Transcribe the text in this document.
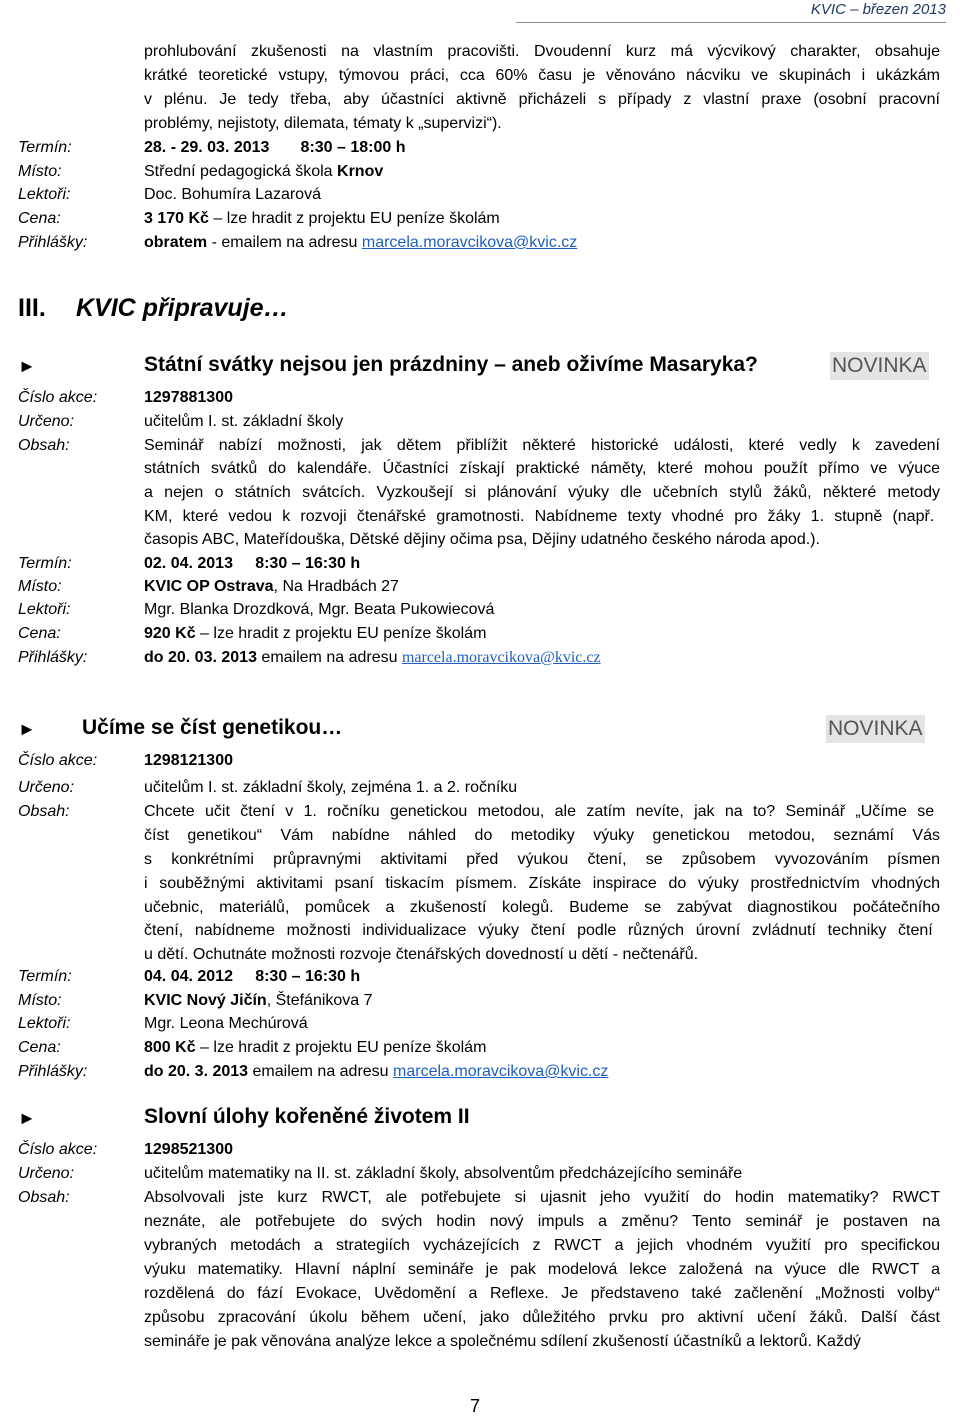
KVIC – březen 2013
prohlubování zkušenosti na vlastním pracovišti. Dvoudenní kurz má výcvikový charakter, obsahuje
krátké teoretické vstupy, týmovou práci, cca 60% času je věnováno nácviku ve skupinách i ukázkám
v plénu. Je tedy třeba, aby účastníci aktivně přicházeli s případy z vlastní praxe (osobní pracovní
problémy, nejistoty, dilemata, tématy k „supervizi“).
Termín:	28. - 29. 03. 2013       8:30 – 18:00 h
Místo:	Střední pedagogická škola Krnov
Lektoři:	Doc. Bohumíra Lazarová
Cena:	3 170 Kč – lze hradit z projektu EU peníze školám
Přihlášky:	obratem - emailem na adresu marcela.moravcikova@kvic.cz
III. KVIC připravuje…
►	Státní svátky nejsou jen prázdniny – aneb oživíme Masaryka?	NOVINKA
Číslo akce:	1297881300
Určeno:	učitelům I. st. základní školy
Obsah:	Seminář nabízí možnosti, jak dětem přiblížit některé historické události, které vedly k zavedení
státních svátků do kalendáře. Účastníci získají praktické náměty, které mohou použít přímo ve výuce
a nejen o státních svátcích. Vyzkoušejí si plánování výuky dle učebních stylů žáků, některé metody
KM, které vedou k rozvoji čtenářské gramotnosti. Nabídneme texty vhodné pro žáky 1. stupně (např.
časopis ABC, Mateřídouška, Dětské dějiny očima psa, Dějiny udatného českého národa apod.).
Termín:	02. 04. 2013     8:30 – 16:30 h
Místo:	KVIC OP Ostrava, Na Hradbách 27
Lektoři:	Mgr. Blanka Drozdková, Mgr. Beata Pukowiecová
Cena:	920 Kč – lze hradit z projektu EU peníze školám
Přihlášky:	do 20. 03. 2013 emailem na adresu marcela.moravcikova@kvic.cz
► Učíme se číst genetikou…	NOVINKA
Číslo akce:	1298121300
Určeno:	učitelům I. st. základní školy, zejména 1. a 2. ročníku
Obsah:	Chcete učit čtení v 1. ročníku genetickou metodou, ale zatím nevíte, jak na to? Seminář „Učíme se
číst genetikou“ Vám nabídne náhled do metodiky výuky genetickou metodou, seznámí Vás
s konkrétními průpravnými aktivitami před výukou čtení, se způsobem vyvozováním písmen
i souběžnými aktivitami psaní tiskacím písmem. Získáte inspirace do výuky prostřednictvím vhodných
učebnic, materiálů, pomůcek a zkušeností kolegů. Budeme se zabývat diagnostikou počátečního
čtení, nabídneme možnosti individualizace výuky čtení podle různých úrovní zvládnutí techniky čtení
u dětí. Ochutnáte možnosti rozvoje čtenářských dovedností u dětí - nečtenářů.
Termín:	04. 04. 2012     8:30 – 16:30 h
Místo:	KVIC Nový Jičín, Štefánikova 7
Lektoři:	Mgr. Leona Mechúrová
Cena:	800 Kč – lze hradit z projektu EU peníze školám
Přihlášky:	do 20. 3. 2013 emailem na adresu marcela.moravcikova@kvic.cz
►	Slovní úlohy kořeněné životem II
Číslo akce:	1298521300
Určeno:	učitelům matematiky na II. st. základní školy, absolventům předcházejícího semináře
Obsah:	Absolvovali jste kurz RWCT, ale potřebujete si ujasnit jeho využití do hodin matematiky? RWCT
neznáte, ale potřebujete do svých hodin nový impuls a změnu? Tento seminář je postaven na
vybraných metodách a strategiích vycházejících z RWCT a jejich vhodném využití pro specifickou
výuku matematiky. Hlavní náplní semináře je pak modelová lekce založená na výuce dle RWCT a
rozdělená do fází Evokace, Uvědomění a Reflexe. Je představeno také začlenění „Možnosti volby“
způsobu zpracování úkolu během učení, jako důležitého prvku pro aktivní učení žáků. Další část
semináře je pak věnována analýze lekce a společnému sdílení zkušeností účastníků a lektorů. Každý
7
